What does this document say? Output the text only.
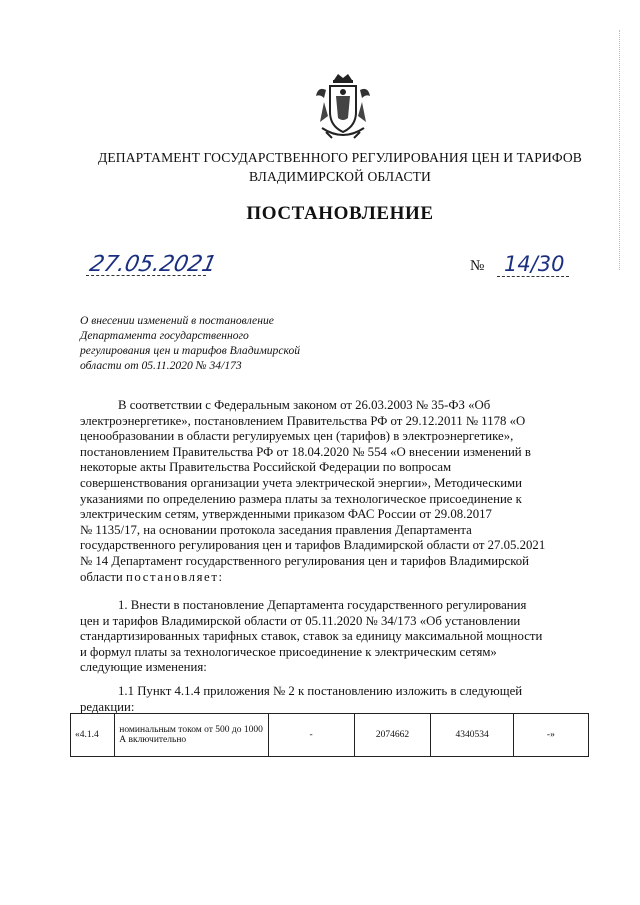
ДЕПАРТАМЕНТ ГОСУДАРСТВЕННОГО РЕГУЛИРОВАНИЯ ЦЕН И ТАРИФОВ
ВЛАДИМИРСКОЙ ОБЛАСТИ
ПОСТАНОВЛЕНИЕ
27.05.2021	№ 14/30
О внесении изменений в постановление
Департамента государственного
регулирования цен и тарифов Владимирской
области от 05.11.2020 № 34/173
В соответствии с Федеральным законом от 26.03.2003 № 35-ФЗ «Об
электроэнергетике», постановлением Правительства РФ от 29.12.2011 № 1178 «О
ценообразовании в области регулируемых цен (тарифов) в электроэнергетике»,
постановлением Правительства РФ от 18.04.2020 № 554 «О внесении изменений в
некоторые акты Правительства Российской Федерации по вопросам
совершенствования организации учета электрической энергии», Методическими
указаниями по определению размера платы за технологическое присоединение к
электрическим сетям, утвержденными приказом ФАС России от 29.08.2017
№ 1135/17, на основании протокола заседания правления Департамента
государственного регулирования цен и тарифов Владимирской области от 27.05.2021
№ 14 Департамент государственного регулирования цен и тарифов Владимирской
области постановляет:
1. Внести в постановление Департамента государственного регулирования
цен и тарифов Владимирской области от 05.11.2020 № 34/173 «Об установлении
стандартизированных тарифных ставок, ставок за единицу максимальной мощности
и формул платы за технологическое присоединение к электрическим сетям»
следующие изменения:
1.1 Пункт 4.1.4 приложения № 2 к постановлению изложить в следующей
редакции:
«4.1.4	номинальным током от 500 до 1000 А включительно	-	2074662	4340534	-»
